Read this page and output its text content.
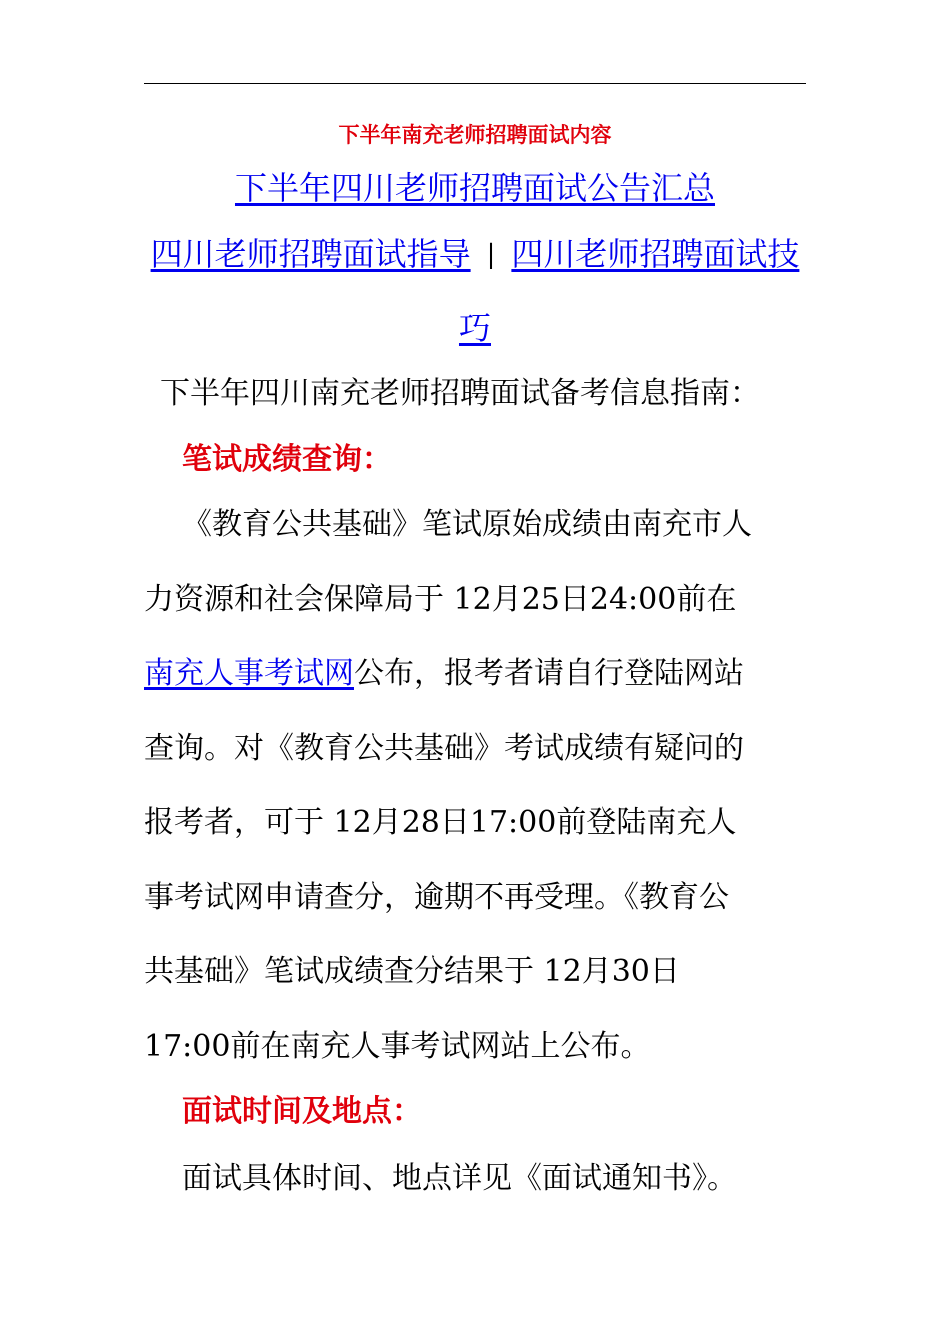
下半年南充老师招聘面试内容
下半年四川老师招聘面试公告汇总
四川老师招聘面试指导 | 四川老师招聘面试技
巧
下半年四川南充老师招聘面试备考信息指南：
笔试成绩查询：
《教育公共基础》笔试原始成绩由南充市人
力资源和社会保障局于 12月25日24:00前在
南充人事考试网公布，报考者请自行登陆网站
查询。对《教育公共基础》考试成绩有疑问的
报考者，可于 12月28日17:00前登陆南充人
事考试网申请查分，逾期不再受理。《教育公
共基础》笔试成绩查分结果于 12月30日
17:00前在南充人事考试网站上公布。
面试时间及地点：
面试具体时间、地点详见《面试通知书》。
